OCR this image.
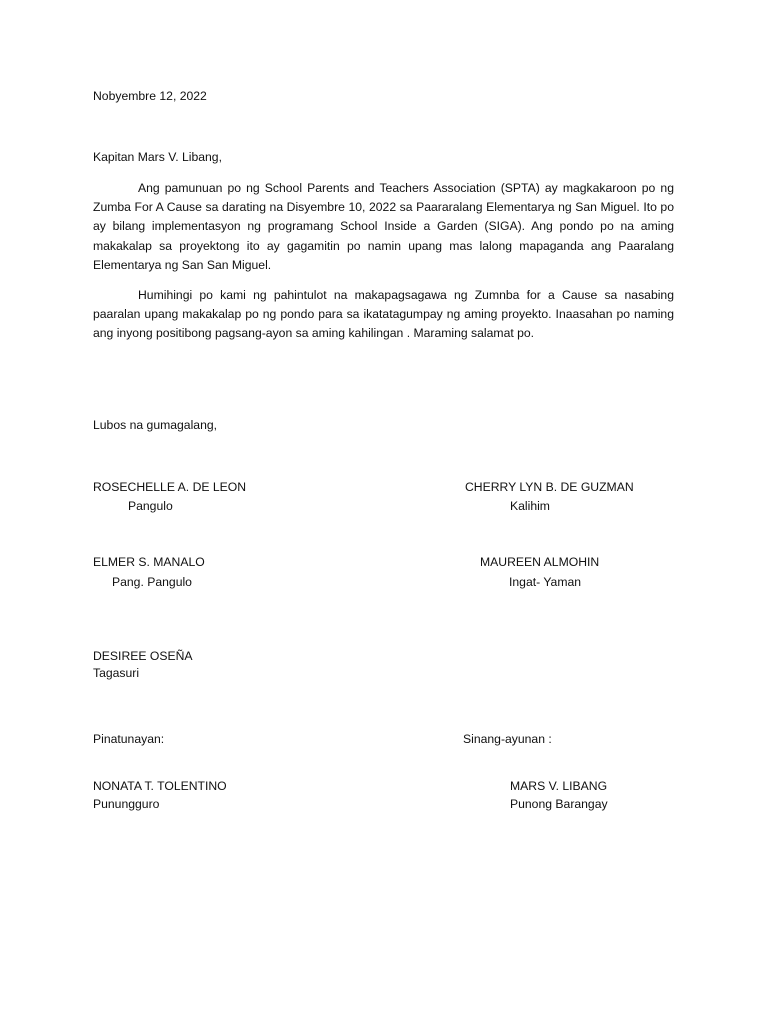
Nobyembre 12, 2022
Kapitan Mars V. Libang,

Ang pamunuan po ng School Parents and Teachers Association (SPTA) ay magkakaroon po ng Zumba For A Cause sa darating na Disyembre 10, 2022 sa Paararalang Elementarya ng San Miguel. Ito po ay bilang implementasyon ng programang School Inside a Garden (SIGA). Ang pondo po na aming makakalap sa proyektong ito ay gagamitin po namin upang mas lalong mapaganda ang Paaralang Elementarya ng San San Miguel.

Humihingi po kami ng pahintulot na makapagsagawa ng Zumnba for a Cause sa nasabing paaralan upang makakalap po ng pondo para sa ikatatagumpay ng aming proyekto. Inaasahan po naming ang inyong positibong pagsang-ayon sa aming kahilingan . Maraming salamat po.

Lubos na gumagalang,
ROSECHELLE A. DE LEON
Pangulo
CHERRY LYN B. DE GUZMAN
Kalihim
ELMER S. MANALO
Pang. Pangulo
MAUREEN ALMOHIN
Ingat- Yaman
DESIREE OSEÑA
Tagasuri
Pinatunayan:	Sinang-ayunan :
NONATA T. TOLENTINO
Punungguro
MARS V. LIBANG
Punong Barangay
